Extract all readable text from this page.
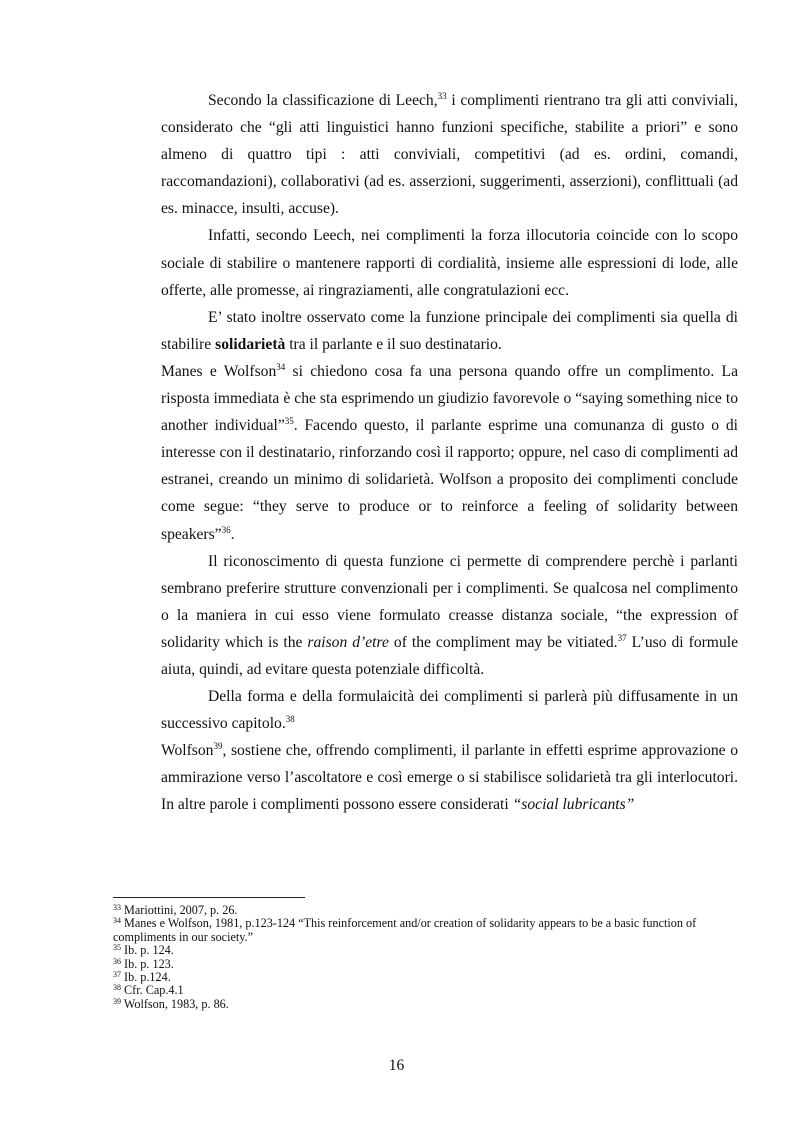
Secondo la classificazione di Leech,$^{33}$ i complimenti rientrano tra gli atti conviviali, considerato che “gli atti linguistici hanno funzioni specifiche, stabilite a priori” e sono almeno di quattro tipi : atti conviviali, competitivi (ad es. ordini, comandi, raccomandazioni), collaborativi (ad es. asserzioni, suggerimenti, asserzioni), conflittuali (ad es. minacce, insulti, accuse).

Infatti, secondo Leech, nei complimenti la forza illocutoria coincide con lo scopo sociale di stabilire o mantenere rapporti di cordialità, insieme alle espressioni di lode, alle offerte, alle promesse, ai ringraziamenti, alle congratulazioni ecc.

E’ stato inoltre osservato come la funzione principale dei complimenti sia quella di stabilire solidarietà tra il parlante e il suo destinatario.

Manes e Wolfson$^{34}$ si chiedono cosa fa una persona quando offre un complimento. La risposta immediata è che sta esprimendo un giudizio favorevole o “saying something nice to another individual”$^{35}$. Facendo questo, il parlante esprime una comunanza di gusto o di interesse con il destinatario, rinforzando così il rapporto; oppure, nel caso di complimenti ad estranei, creando un minimo di solidarietà. Wolfson a proposito dei complimenti conclude come segue: “they serve to produce or to reinforce a feeling of solidarity between speakers”$^{36}$.

Il riconoscimento di questa funzione ci permette di comprendere perchè i parlanti sembrano preferire strutture convenzionali per i complimenti. Se qualcosa nel complimento o la maniera in cui esso viene formulato creasse distanza sociale, “the expression of solidarity which is the raison d’etre of the compliment may be vitiated.$^{37}$ L’uso di formule aiuta, quindi, ad evitare questa potenziale difficoltà.

Della forma e della formulaicità dei complimenti si parlerà più diffusamente in un successivo capitolo.$^{38}$

Wolfson$^{39}$, sostiene che, offrendo complimenti, il parlante in effetti esprime approvazione o ammirazione verso l’ascoltatore e così emerge o si stabilisce solidarietà tra gli interlocutori. In altre parole i complimenti possono essere considerati “social lubricants”

$^{33}$ Mariottini, 2007, p. 26.
$^{34}$ Manes e Wolfson, 1981, p.123-124 “This reinforcement and/or creation of solidarity appears to be a basic function of compliments in our society.”
$^{35}$ Ib. p. 124.
$^{36}$ Ib. p. 123.
$^{37}$ Ib. p.124.
$^{38}$ Cfr. Cap.4.1
$^{39}$ Wolfson, 1983, p. 86.
16
